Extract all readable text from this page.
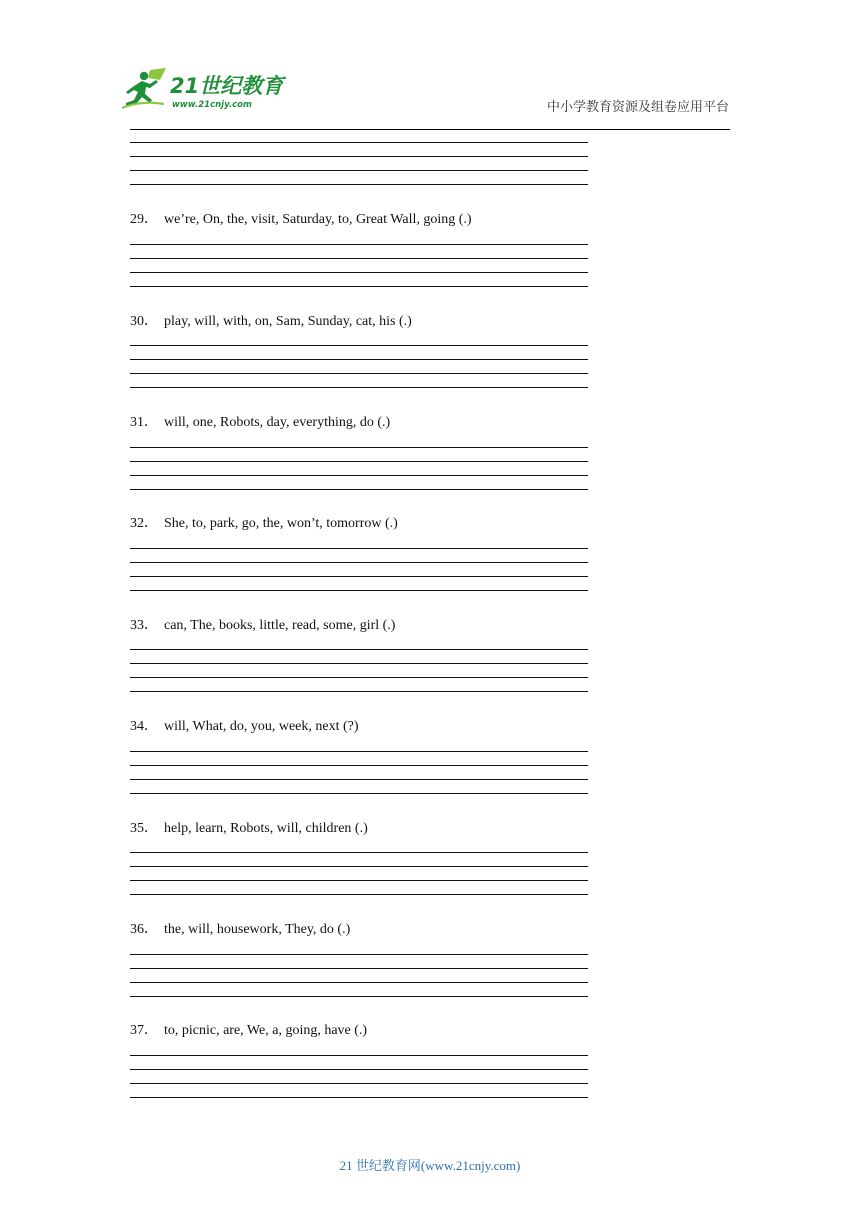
21世纪教育
www.21cnjy.com	中小学教育资源及组卷应用平台
29． we’re, On, the, visit, Saturday, to, Great Wall, going (.)
30． play, will, with, on, Sam, Sunday, cat, his (.)
31． will, one, Robots, day, everything, do (.)
32． She, to, park, go, the, won’t, tomorrow (.)
33． can, The, books, little, read, some, girl (.)
34． will, What, do, you, week, next (?)
35． help, learn, Robots, will, children (.)
36． the, will, housework, They, do (.)
37． to, picnic, are, We, a, going, have (.)
21 世纪教育网(www.21cnjy.com)
